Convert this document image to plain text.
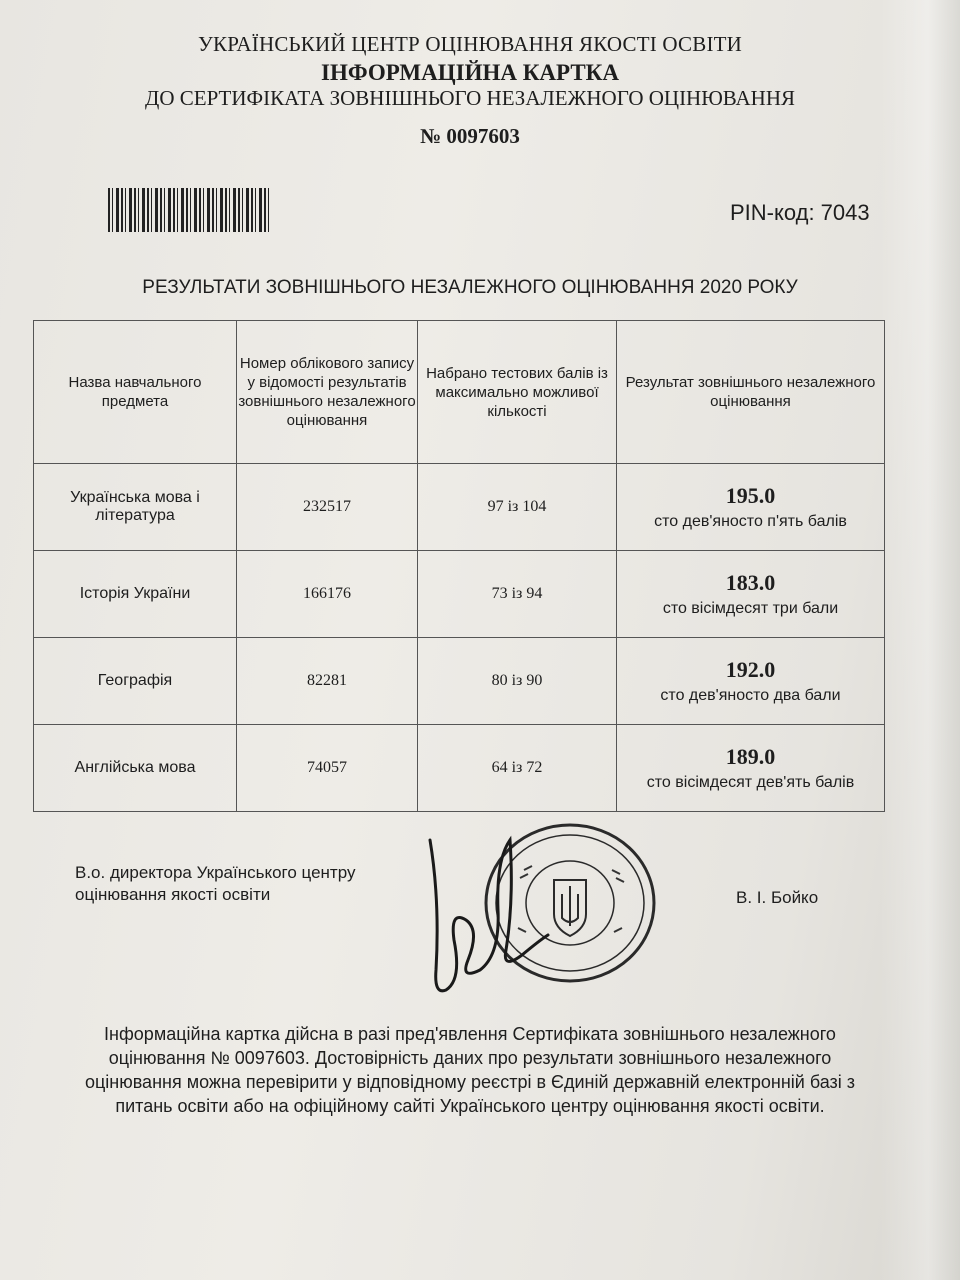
УКРАЇНСЬКИЙ ЦЕНТР ОЦІНЮВАННЯ ЯКОСТІ ОСВІТИ
ІНФОРМАЦІЙНА КАРТКА
ДО СЕРТИФІКАТА ЗОВНІШНЬОГО НЕЗАЛЕЖНОГО ОЦІНЮВАННЯ
№ 0097603
PIN-код: 7043
РЕЗУЛЬТАТИ ЗОВНІШНЬОГО НЕЗАЛЕЖНОГО ОЦІНЮВАННЯ 2020 РОКУ
Назва навчального предмета	Номер облікового запису у відомості результатів зовнішнього незалежного оцінювання	Набрано тестових балів із максимально можливої кількості	Результат зовнішнього незалежного оцінювання
Українська мова і література	232517	97 із 104	195.0
сто дев'яносто п'ять балів

Історія України	166176	73 із 94	183.0
сто вісімдесят три бали

Географія	82281	80 із 90	192.0
сто дев'яносто два бали

Англійська мова	74057	64 із 72	189.0
сто вісімдесят дев'ять балів
В.о. директора Українського центру оцінювання якості освіти	В. І. Бойко
Інформаційна картка дійсна в разі пред'явлення Сертифіката зовнішнього незалежного оцінювання № 0097603. Достовірність даних про результати зовнішнього незалежного оцінювання можна перевірити у відповідному реєстрі в Єдиній державній електронній базі з питань освіти або на офіційному сайті Українського центру оцінювання якості освіти.
